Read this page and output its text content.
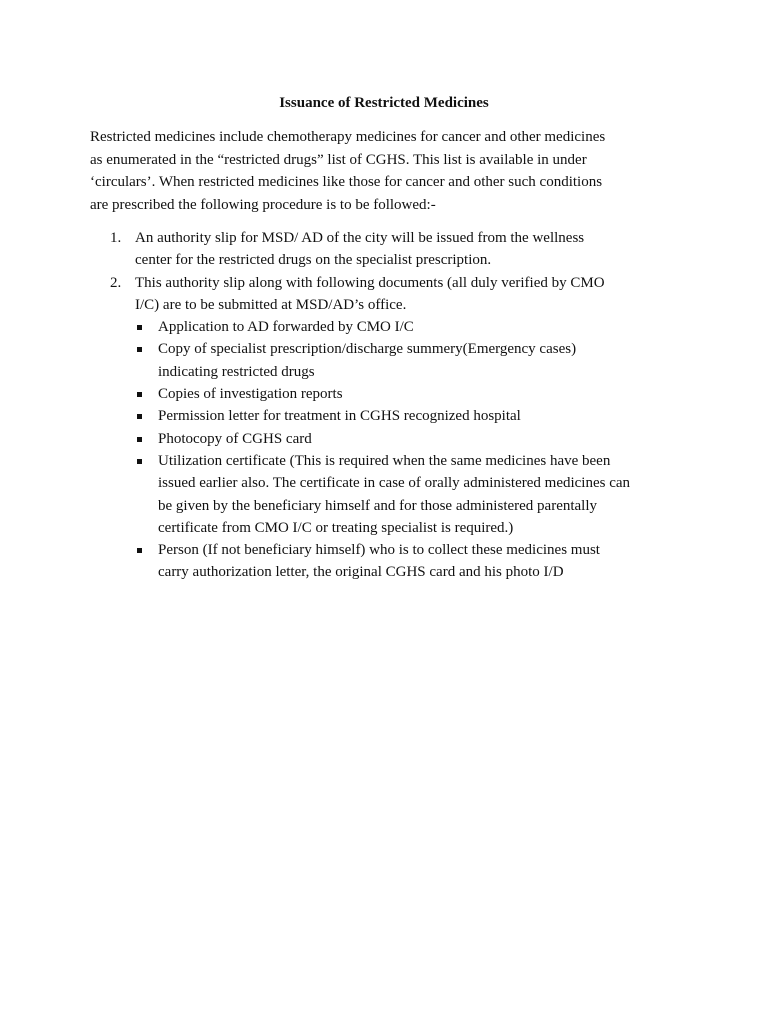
Issuance of Restricted Medicines

Restricted medicines include chemotherapy medicines for cancer and other medicines
as enumerated in the “restricted drugs” list of CGHS. This list is available in under
‘circulars’. When restricted medicines like those for cancer and other such conditions
are prescribed the following procedure is to be followed:-

1. An authority slip for MSD/ AD of the city will be issued from the wellness
center for the restricted drugs on the specialist prescription.
2. This authority slip along with following documents (all duly verified by CMO
I/C) are to be submitted at MSD/AD’s office.
Application to AD forwarded by CMO I/C
Copy of specialist prescription/discharge summery(Emergency cases)
indicating restricted drugs
Copies of investigation reports
Permission letter for treatment in CGHS recognized hospital
Photocopy of CGHS card
Utilization certificate (This is required when the same medicines have been
issued earlier also. The certificate in case of orally administered medicines can
be given by the beneficiary himself and for those administered parentally
certificate from CMO I/C or treating specialist is required.)
Person (If not beneficiary himself) who is to collect these medicines must
carry authorization letter, the original CGHS card and his photo I/D
